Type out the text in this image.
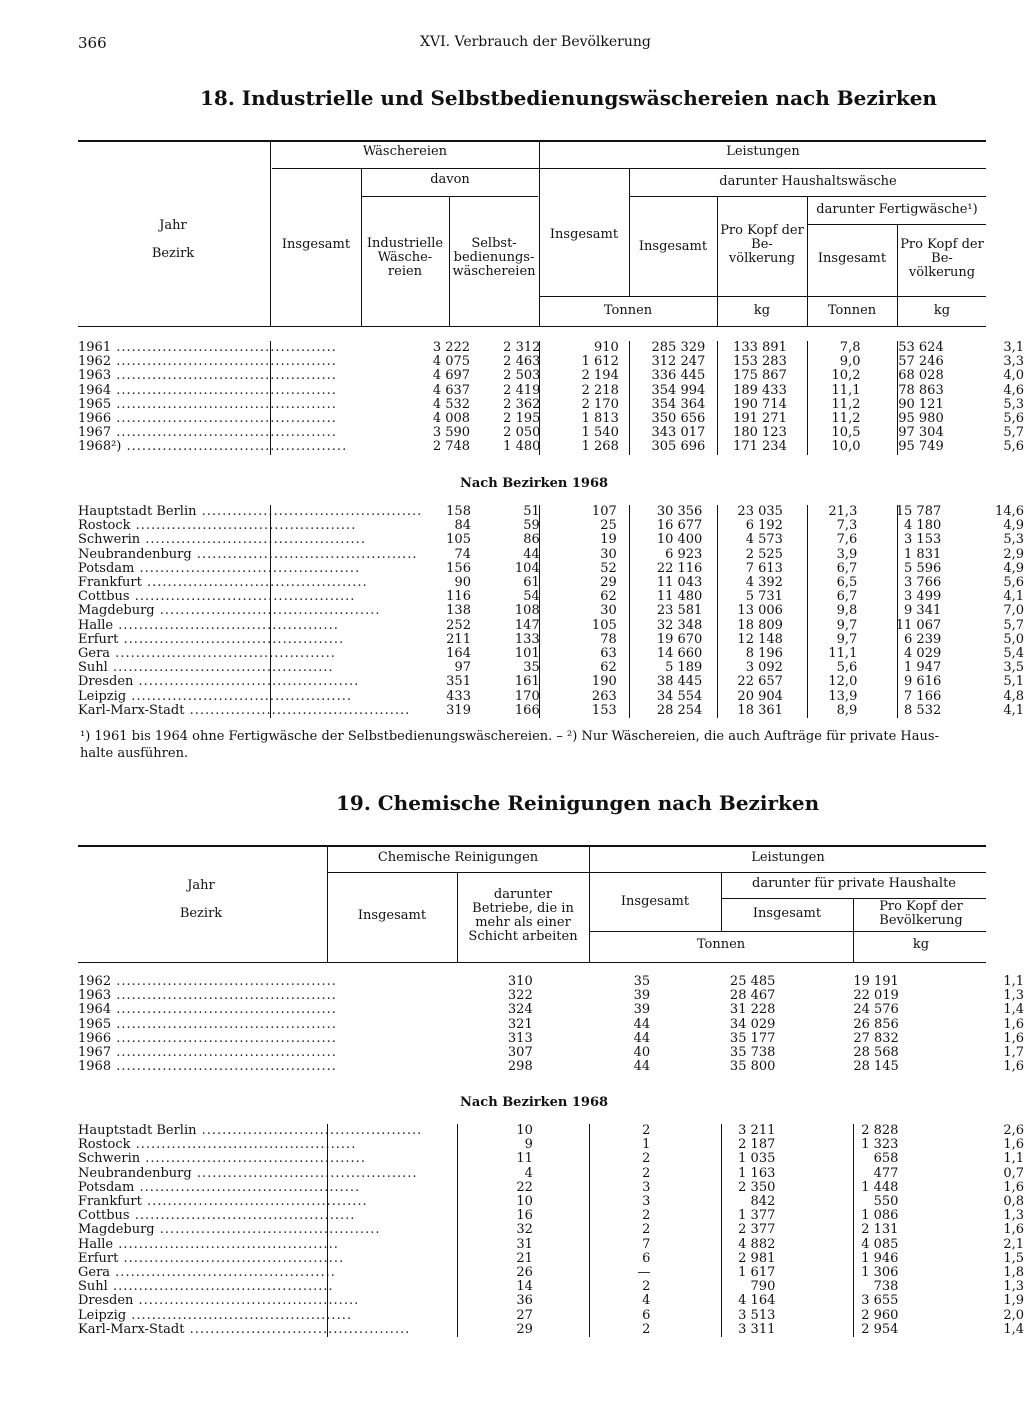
366	XVI. Verbrauch der Bevölkerung
18. Industrielle und Selbstbedienungswäschereien nach Bezirken
Jahr
Bezirk
Wäschereien
davon
Insgesamt	Industrielle Wäsche- reien
Selbst- bedienungs- wäschereien
Leistungen
Insgesamt
darunter Haushaltswäsche
Insgesamt
Pro Kopf der Be- völkerung
darunter Fertigwäsche¹)
Insgesamt
Pro Kopf der Be- völkerung
Tonnen	kg	Tonnen	kg
1961 ...........................................	3 222	2 312	910	285 329	133 891	7,8	53 624	3,1
1962 ...........................................	4 075	2 463	1 612	312 247	153 283	9,0	57 246	3,3
1963 ...........................................	4 697	2 503	2 194	336 445	175 867	10,2	68 028	4,0
1964 ...........................................	4 637	2 419	2 218	354 994	189 433	11,1	78 863	4,6
1965 ...........................................	4 532	2 362	2 170	354 364	190 714	11,2	90 121	5,3
1966 ...........................................	4 008	2 195	1 813	350 656	191 271	11,2	95 980	5,6
1967 ...........................................	3 590	2 050	1 540	343 017	180 123	10,5	97 304	5,7
1968²) ...........................................	2 748	1 480	1 268	305 696	171 234	10,0	95 749	5,6
Nach Bezirken 1968
Hauptstadt Berlin ...........................................	158	51	107	30 356	23 035	21,3	15 787	14,6
Rostock ...........................................	84	59	25	16 677	6 192	7,3	4 180	4,9
Schwerin ...........................................	105	86	19	10 400	4 573	7,6	3 153	5,3
Neubrandenburg ...........................................	74	44	30	6 923	2 525	3,9	1 831	2,9
Potsdam ...........................................	156	104	52	22 116	7 613	6,7	5 596	4,9
Frankfurt ...........................................	90	61	29	11 043	4 392	6,5	3 766	5,6
Cottbus ...........................................	116	54	62	11 480	5 731	6,7	3 499	4,1
Magdeburg ...........................................	138	108	30	23 581	13 006	9,8	9 341	7,0
Halle ...........................................	252	147	105	32 348	18 809	9,7	11 067	5,7
Erfurt ...........................................	211	133	78	19 670	12 148	9,7	6 239	5,0
Gera ...........................................	164	101	63	14 660	8 196	11,1	4 029	5,4
Suhl ...........................................	97	35	62	5 189	3 092	5,6	1 947	3,5
Dresden ...........................................	351	161	190	38 445	22 657	12,0	9 616	5,1
Leipzig ...........................................	433	170	263	34 554	20 904	13,9	7 166	4,8
Karl-Marx-Stadt ...........................................	319	166	153	28 254	18 361	8,9	8 532	4,1
¹) 1961 bis 1964 ohne Fertigwäsche der Selbstbedienungswäschereien. – ²) Nur Wäschereien, die auch Aufträge für private Haus-
halte ausführen.
19. Chemische Reinigungen nach Bezirken
Jahr
Bezirk
Chemische Reinigungen
Insgesamt
darunter Betriebe, die in mehr als einer Schicht arbeiten
Leistungen
Insgesamt
darunter für private Haushalte
Insgesamt	Pro Kopf der Bevölkerung
Tonnen	kg
1962 ...........................................	310	35	25 485	19 191	1,1
1963 ...........................................	322	39	28 467	22 019	1,3
1964 ...........................................	324	39	31 228	24 576	1,4
1965 ...........................................	321	44	34 029	26 856	1,6
1966 ...........................................	313	44	35 177	27 832	1,6
1967 ...........................................	307	40	35 738	28 568	1,7
1968 ...........................................	298	44	35 800	28 145	1,6
Nach Bezirken 1968
Hauptstadt Berlin ...........................................	10	2	3 211	2 828	2,6
Rostock ...........................................	9	1	2 187	1 323	1,6
Schwerin ...........................................	11	2	1 035	658	1,1
Neubrandenburg ...........................................	4	2	1 163	477	0,7
Potsdam ...........................................	22	3	2 350	1 448	1,6
Frankfurt ...........................................	10	3	842	550	0,8
Cottbus ...........................................	16	2	1 377	1 086	1,3
Magdeburg ...........................................	32	2	2 377	2 131	1,6
Halle ...........................................	31	7	4 882	4 085	2,1
Erfurt ...........................................	21	6	2 981	1 946	1,5
Gera ...........................................	26	—	1 617	1 306	1,8
Suhl ...........................................	14	2	790	738	1,3
Dresden ...........................................	36	4	4 164	3 655	1,9
Leipzig ...........................................	27	6	3 513	2 960	2,0
Karl-Marx-Stadt ...........................................	29	2	3 311	2 954	1,4
